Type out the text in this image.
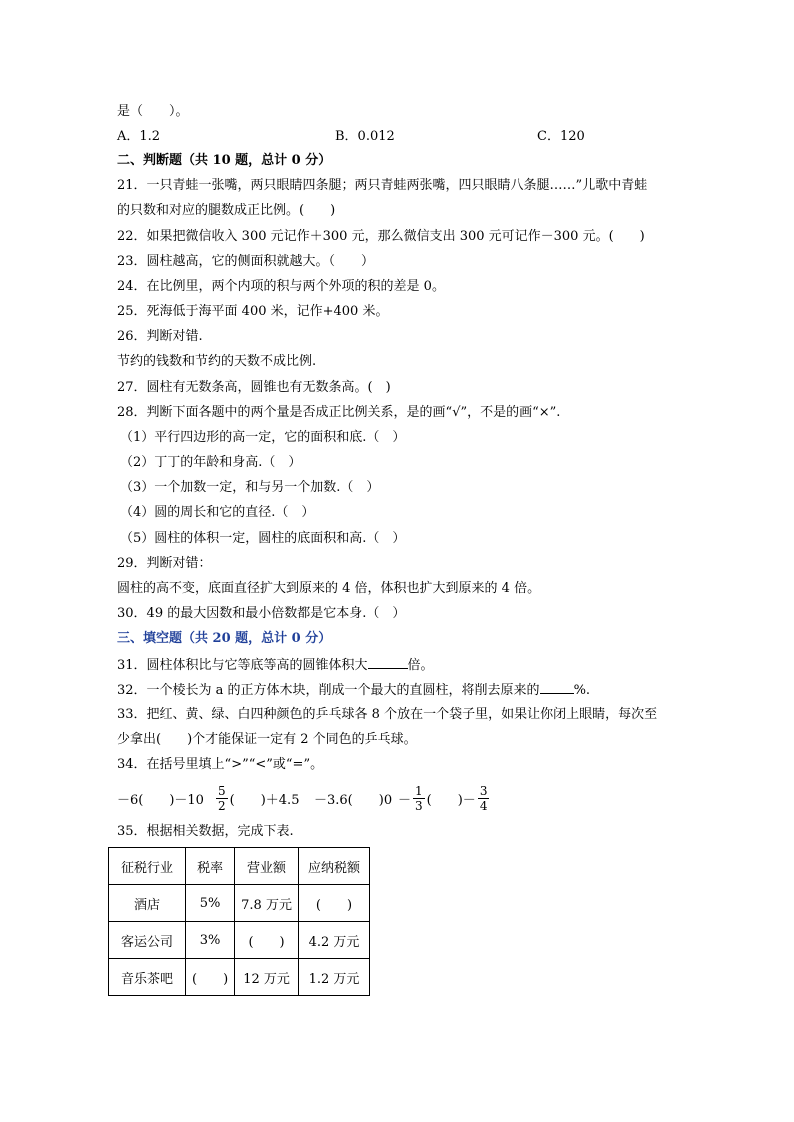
是（　　）。
A．1.2	B．0.012	C．120
二、判断题（共 10 题，总计 0 分）
21．一只青蛙一张嘴，两只眼睛四条腿；两只青蛙两张嘴，四只眼睛八条腿……”儿歌中青蛙
的只数和对应的腿数成正比例。(　　)
22．如果把微信收入 300 元记作＋300 元，那么微信支出 300 元可记作－300 元。(　　)
23．圆柱越高，它的侧面积就越大。（　　）
24．在比例里，两个内项的积与两个外项的积的差是 0。
25．死海低于海平面 400 米，记作+400 米。
26．判断对错.
节约的钱数和节约的天数不成比例.
27．圆柱有无数条高，圆锥也有无数条高。(　)
28．判断下面各题中的两个量是否成正比例关系，是的画“√”，不是的画“×”.
（1）平行四边形的高一定，它的面积和底.（　）
（2）丁丁的年龄和身高.（　）
（3）一个加数一定，和与另一个加数.（　）
（4）圆的周长和它的直径.（　）
（5）圆柱的体积一定，圆柱的底面积和高.（　）
29．判断对错：
圆柱的高不变，底面直径扩大到原来的 4 倍，体积也扩大到原来的 4 倍。
30．49 的最大因数和最小倍数都是它本身.（　）
三、填空题（共 20 题，总计 0 分）
31．圆柱体积比与它等底等高的圆锥体积大	倍。
32．一个棱长为 a 的正方体木块，削成一个最大的直圆柱，将削去原来的	%.
33．把红、黄、绿、白四种颜色的乒乓球各 8 个放在一个袋子里，如果让你闭上眼睛，每次至
少拿出(　　)个才能保证一定有 2 个同色的乒乓球。
34．在括号里填上“>”“<”或“=”。
－6(　　)$-10 \frac{5}{2}$ (　　)＋4.5 －3.6(　　)$0 - \frac{1}{3}$ (　　)－ $\frac{3}{4}$
35．根据相关数据，完成下表.
征税行业	税率	营业额	应纳税额
酒店	5%	7.8 万元	(　　)
客运公司	3%	(　　)	4.2 万元
音乐茶吧	(　　)	12 万元	1.2 万元
